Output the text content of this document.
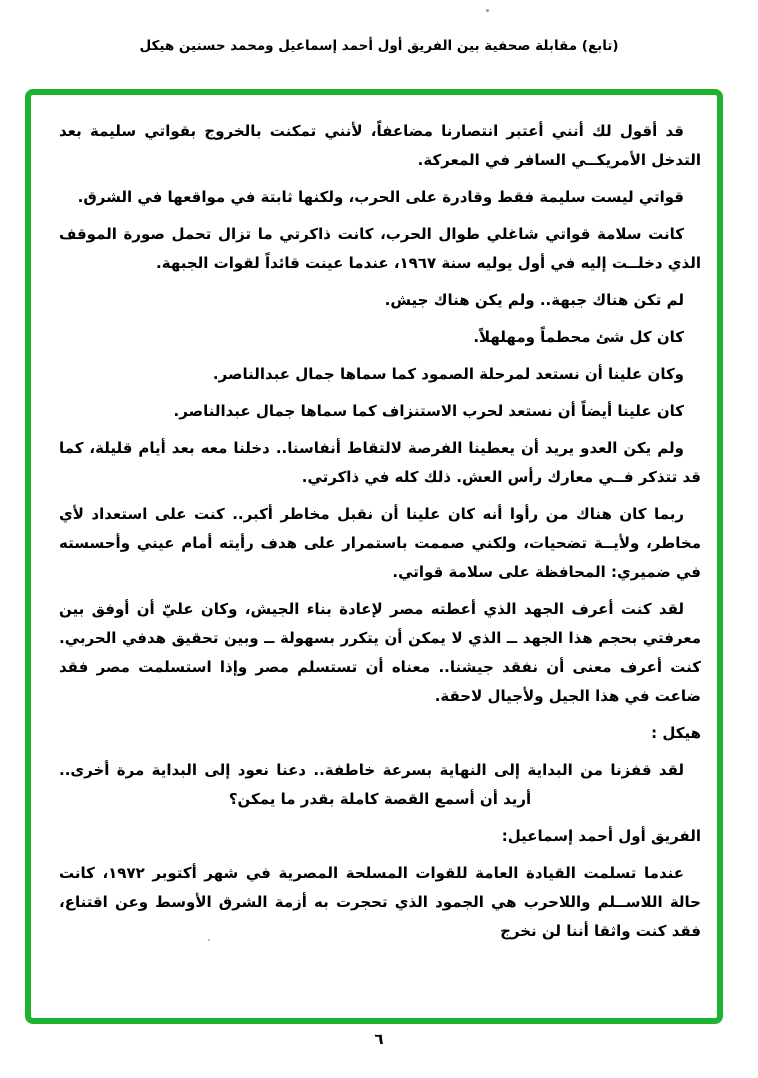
(تابع) مقابلة صحفية بين الفريق أول أحمد إسماعيل ومحمد حسنين هيكل
قد أقول لك أنني أعتبر انتصارنا مضاعفاً، لأنني تمكنت بالخروج بقواتي سليمة بعد التدخل الأمريكــي السافر في المعركة.
قواتي ليست سليمة فقط وقادرة على الحرب، ولكنها ثابتة في مواقعها في الشرق.
كانت سلامة قواتي شاغلي طوال الحرب، كانت ذاكرتي ما تزال تحمل صورة الموقف الذي دخلــت إليه في أول يوليه سنة ١٩٦٧، عندما عينت قائداً لقوات الجبهة.
لم تكن هناك جبهة.. ولم يكن هناك جيش.
كان كل شئ محطماً ومهلهلاً.
وكان علينا أن نستعد لمرحلة الصمود كما سماها جمال عبدالناصر.
كان علينا أيضاً أن نستعد لحرب الاستنزاف كما سماها جمال عبدالناصر.
ولم يكن العدو يريد أن يعطينا الفرصة لالتقاط أنفاسنا.. دخلنا معه بعد أيام قليلة، كما قد تتذكر فــي معارك رأس العش. ذلك كله في ذاكرتي.
ربما كان هناك من رأوا أنه كان علينا أن نقبل مخاطر أكبر.. كنت على استعداد لأي مخاطر، ولأيــة تضحيات، ولكني صممت باستمرار على هدف رأيته أمام عيني وأحسسته في ضميري: المحافظة على سلامة قواتي.
لقد كنت أعرف الجهد الذي أعطته مصر لإعادة بناء الجيش، وكان عليّ أن أوفق بين معرفتي بحجم هذا الجهد ــ الذي لا يمكن أن يتكرر بسهولة ــ وبين تحقيق هدفي الحربي. كنت أعرف معنى أن نفقد جيشنا.. معناه أن تستسلم مصر وإذا استسلمت مصر فقد ضاعت في هذا الجيل ولأجيال لاحقة.
هيكل :
لقد قفزنا من البداية إلى النهاية بسرعة خاطفة.. دعنا نعود إلى البداية مرة أخرى.. أريد أن أسمع القصة كاملة بقدر ما يمكن؟
الفريق أول أحمد إسماعيل:
عندما تسلمت القيادة العامة للقوات المسلحة المصرية في شهر أكتوبر ١٩٧٢، كانت حالة اللاســلم واللاحرب هي الجمود الذي تحجرت به أزمة الشرق الأوسط وعن اقتناع، فقد كنت واثقا أننا لن نخرج
٦
